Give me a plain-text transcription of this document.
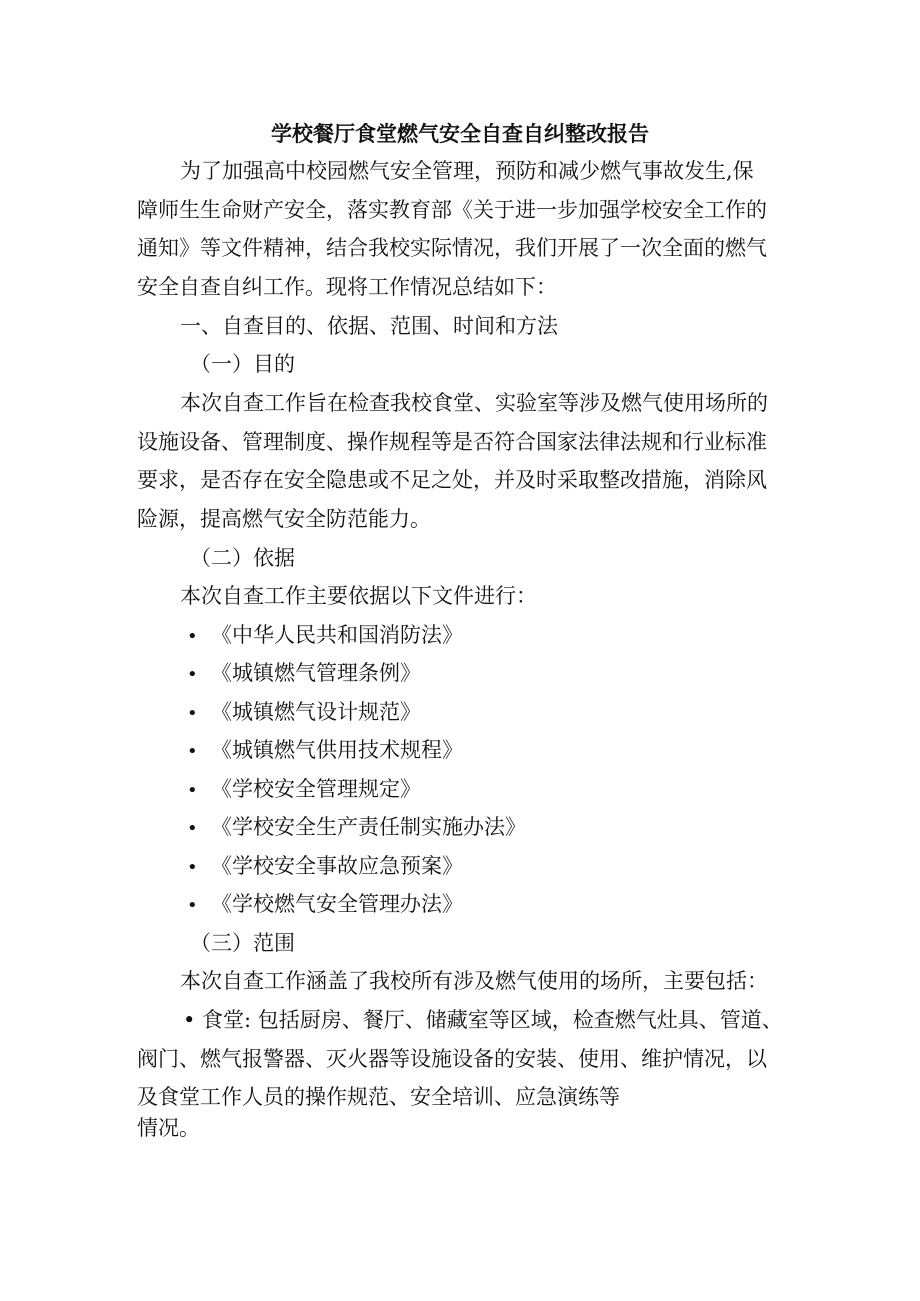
学校餐厅食堂燃气安全自查自纠整改报告
为了加强高中校园燃气安全管理，预防和减少燃气事故发生,保
障师生生命财产安全，落实教育部《关于进一步加强学校安全工作的
通知》等文件精神，结合我校实际情况，我们开展了一次全面的燃气
安全自查自纠工作。现将工作情况总结如下：
一、自查目的、依据、范围、时间和方法
（一）目的
本次自查工作旨在检查我校食堂、实验室等涉及燃气使用场所的
设施设备、管理制度、操作规程等是否符合国家法律法规和行业标准
要求，是否存在安全隐患或不足之处，并及时采取整改措施，消除风
险源，提高燃气安全防范能力。
（二）依据
本次自查工作主要依据以下文件进行：
• 《中华人民共和国消防法》
• 《城镇燃气管理条例》
• 《城镇燃气设计规范》
• 《城镇燃气供用技术规程》
• 《学校安全管理规定》
• 《学校安全生产责任制实施办法》
• 《学校安全事故应急预案》
• 《学校燃气安全管理办法》
（三）范围
本次自查工作涵盖了我校所有涉及燃气使用的场所，主要包括：
• 食堂: 包括厨房、餐厅、储藏室等区域，检查燃气灶具、管道、
阀门、燃气报警器、灭火器等设施设备的安装、使用、维护情况，以
及食堂工作人员的操作规范、安全培训、应急演练等
情况。
